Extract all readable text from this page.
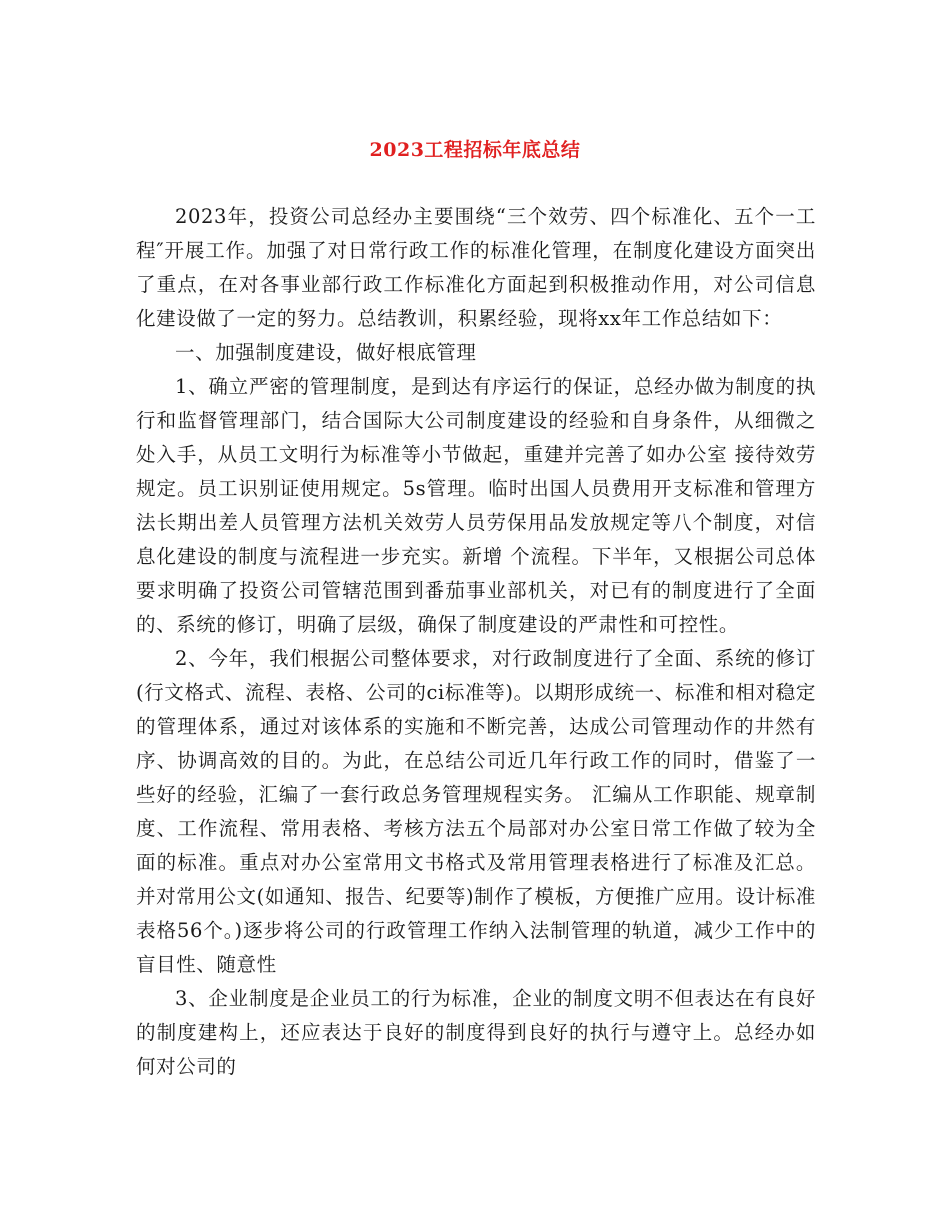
2023工程招标年底总结

2023年，投资公司总经办主要围绕“三个效劳、四个标准化、五个一工程″开展工作。加强了对日常行政工作的标准化管理，在制度化建设方面突出了重点，在对各事业部行政工作标准化方面起到积极推动作用，对公司信息化建设做了一定的努力。总结教训，积累经验，现将xx年工作总结如下：

一、加强制度建设，做好根底管理

1、确立严密的管理制度，是到达有序运行的保证，总经办做为制度的执行和监督管理部门，结合国际大公司制度建设的经验和自身条件，从细微之处入手，从员工文明行为标准等小节做起，重建并完善了如办公室 接待效劳规定。员工识别证使用规定。5s管理。临时出国人员费用开支标准和管理方法长期出差人员管理方法机关效劳人员劳保用品发放规定等八个制度，对信息化建设的制度与流程进一步充实。新增 个流程。下半年，又根据公司总体要求明确了投资公司管辖范围到番茄事业部机关，对已有的制度进行了全面的、系统的修订，明确了层级，确保了制度建设的严肃性和可控性。

2、今年，我们根据公司整体要求，对行政制度进行了全面、系统的修订(行文格式、流程、表格、公司的ci标准等)。以期形成统一、标准和相对稳定的管理体系，通过对该体系的实施和不断完善，达成公司管理动作的井然有序、协调高效的目的。为此，在总结公司近几年行政工作的同时，借鉴了一些好的经验，汇编了一套行政总务管理规程实务。 汇编从工作职能、规章制度、工作流程、常用表格、考核方法五个局部对办公室日常工作做了较为全面的标准。重点对办公室常用文书格式及常用管理表格进行了标准及汇总。并对常用公文(如通知、报告、纪要等)制作了模板，方便推广应用。设计标准表格56个。)逐步将公司的行政管理工作纳入法制管理的轨道，减少工作中的盲目性、随意性

3、企业制度是企业员工的行为标准，企业的制度文明不但表达在有良好的制度建构上，还应表达于良好的制度得到良好的执行与遵守上。总经办如何对公司的
